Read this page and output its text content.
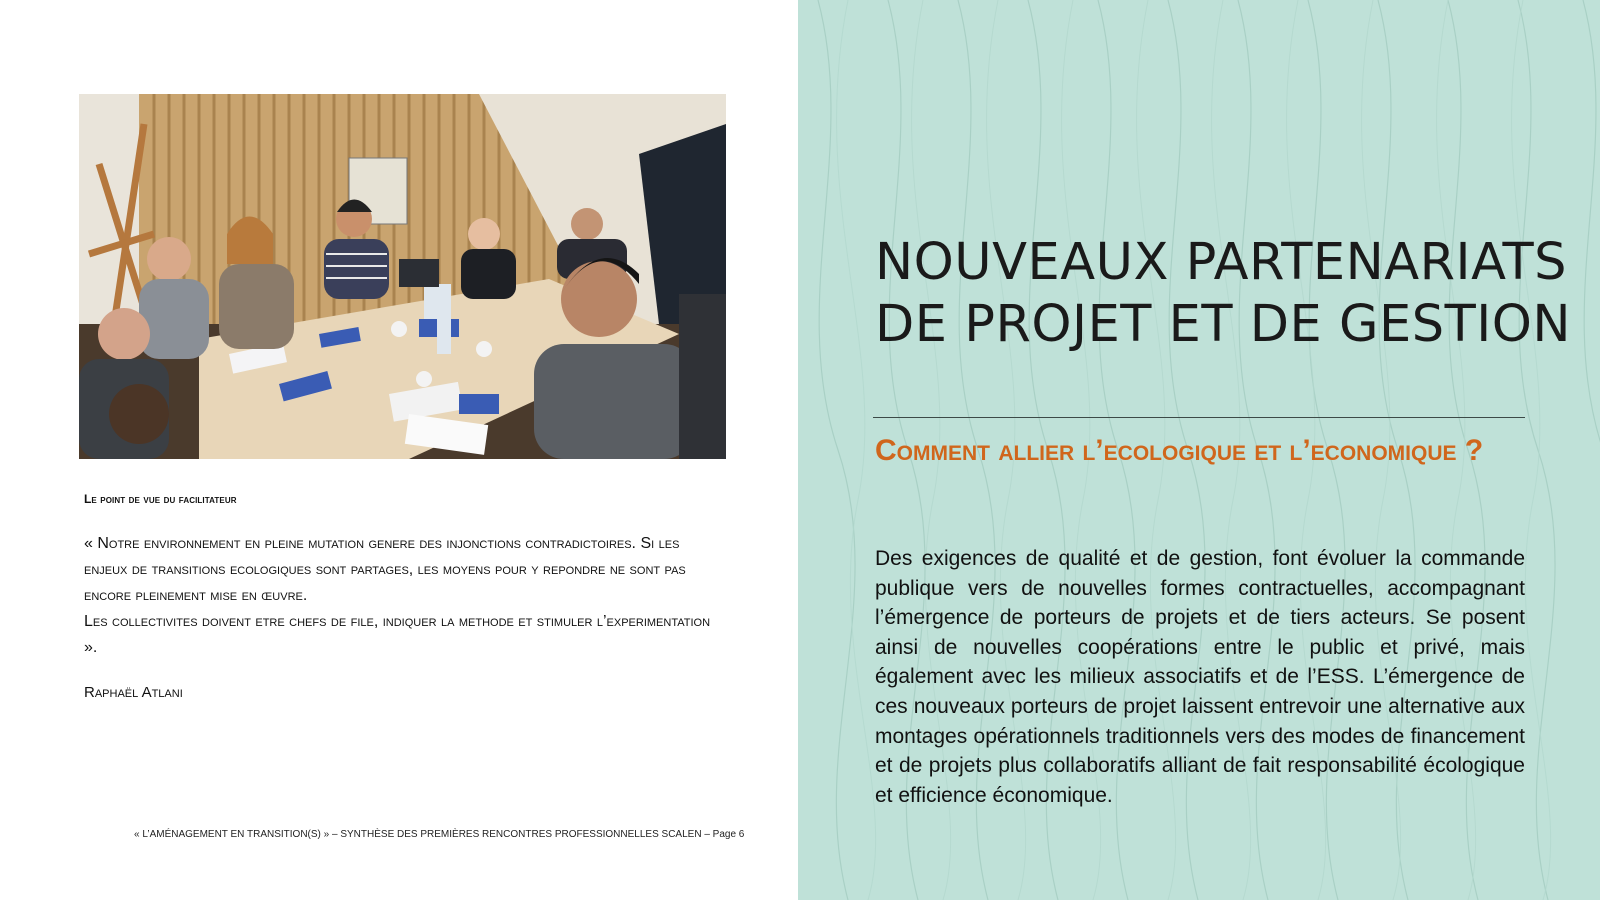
Le point de vue du facilitateur

« Notre environnement en pleine mutation genere des injonctions contradictoires. Si les enjeux de transitions ecologiques sont partages, les moyens pour y repondre ne sont pas encore pleinement mise en œuvre.

Les collectivites doivent etre chefs de file, indiquer la methode et stimuler l’experimentation ».

Raphaël Atlani

« L’AMÉNAGEMENT EN TRANSITION(S) » – SYNTHÈSE DES PREMIÈRES RENCONTRES PROFESSIONNELLES SCALEN – Page 6

NOUVEAUX PARTENARIATS DE PROJET ET DE GESTION
Comment allier l’ecologique et l’economique ?

Des exigences de qualité et de gestion, font évoluer la commande publique vers de nouvelles formes contractuelles, accompagnant l’émergence de porteurs de projets et de tiers acteurs. Se posent ainsi de nouvelles coopérations entre le public et privé, mais également avec les milieux associatifs et de l’ESS. L’émergence de ces nouveaux porteurs de projet laissent entrevoir une alternative aux montages opérationnels traditionnels vers des modes de financement et de projets plus collaboratifs alliant de fait responsabilité écologique et efficience économique.
